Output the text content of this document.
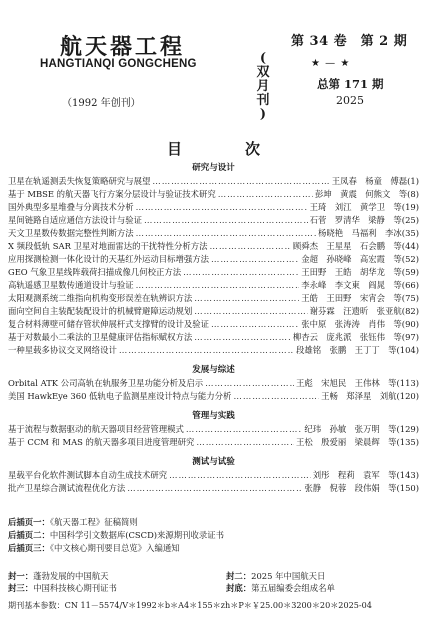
航天器工程
HANGTIANQI GONGCHENG
（1992 年创刊）
(
双
月
刊
)
第 34 卷　第 2 期
★ — ★
总第 171 期
2025
目　次
研究与设计
卫星在轨遥测丢失恢复策略研究与展望 ……………………………………………………………………………………………………………………………………………………	王凤春　杨童　傅磊 (1)
基于 MBSE 的航天器飞行方案分层设计与验证技术研究 ……………………………………………………………………………………………………………………………………………………	彭坤　黄震　何熊文　等 (8)
国外典型多星堆叠与分离技术分析 ……………………………………………………………………………………………………………………………………………………	王琦　刘江　黄学卫　等 (19)
星间链路自适应通信方法设计与验证 ……………………………………………………………………………………………………………………………………………………	石菅　罗清华　梁静　等 (25)
天文卫星数传数据完整性判断方法 ……………………………………………………………………………………………………………………………………………………	杨晓艳　马福利　李冰 (35)
X 频段低轨 SAR 卫星对地面雷达的干扰特性分析方法 ……………………………………………………………………………………………………………………………………………………	顾舜杰　王星星　石会鹏　等 (44)
应用探测检测一体化设计的天基红外运动目标增强方法 ……………………………………………………………………………………………………………………………………………………	金超　孙晓峰　高宏霞　等 (52)
GEO 气象卫星线阵载荷扫描成像几何校正方法 ……………………………………………………………………………………………………………………………………………………	王田野　王皓　胡华龙　等 (59)
高轨遥感卫星数传通道设计与验证 ……………………………………………………………………………………………………………………………………………………	李永峰　李文東　阎晁　等 (66)
太阳观测系统二维指向机构变形误差在轨辨识方法 ……………………………………………………………………………………………………………………………………………………	王皓　王田野　宋宵会　等 (75)
面向空间自主装配装配设计的机械臂避障运动规划 ……………………………………………………………………………………………………………………………………………………	谢芬霖　汪遗昕　张亚航 (82)
复合材料薄壁可储存管状伸展杆式支撑臂的设计及验证 ……………………………………………………………………………………………………………………………………………………	张中原　张涛涛　肖伟　等 (90)
基于对数最小二乘法的卫星健康评估指标赋权方法 ……………………………………………………………………………………………………………………………………………………	柳杏云　庞兆派　张钰伟　等 (97)
一种星载多协议交叉网络设计 ……………………………………………………………………………………………………………………………………………………	段雄铭　张鹏　王丁丁　等 (104)
发展与综述
Orbital ATK 公司高轨在轨服务卫星功能分析及启示 ……………………………………………………………………………………………………………………………………………………	王彪　宋旭民　王伟林　等 (113)
美国 HawkEye 360 低轨电子监测星座设计特点与能力分析 ……………………………………………………………………………………………………………………………………………………	王畅　郑泽星　刘航 (120)
管理与实践
基于流程与数据驱动的航天器项目经营管理模式 ……………………………………………………………………………………………………………………………………………………	纪玮　孙敏　张万明　等 (129)
基于 CCM 和 MAS 的航天器多项目进度管理研究 ……………………………………………………………………………………………………………………………………………………	王松　殷爱丽　梁晨辉　等 (135)
测试与试验
星载平台化软件测试脚本自动生成技术研究 ……………………………………………………………………………………………………………………………………………………	刘彤　程莉　袁军　等 (143)
批产卫星综合测试流程优化方法 ……………………………………………………………………………………………………………………………………………………	张静　倪蓉　段伟娟　等 (150)
后插页一：《航天器工程》征稿简则
后插页二：中国科学引文数据库(CSCD)来源期刊收录证书
后插页三：《中文核心期刊要目总览》入编通知
封一：蓬勃发展的中国航天	封二：2025 年中国航天日
封三：中国科技核心期刊证书	封底：第五届编委会组成名单
期刊基本参数：CN 11－5574/V＊1992＊b＊A4＊155＊zh＊P＊￥25.00＊3200＊20＊2025-04
